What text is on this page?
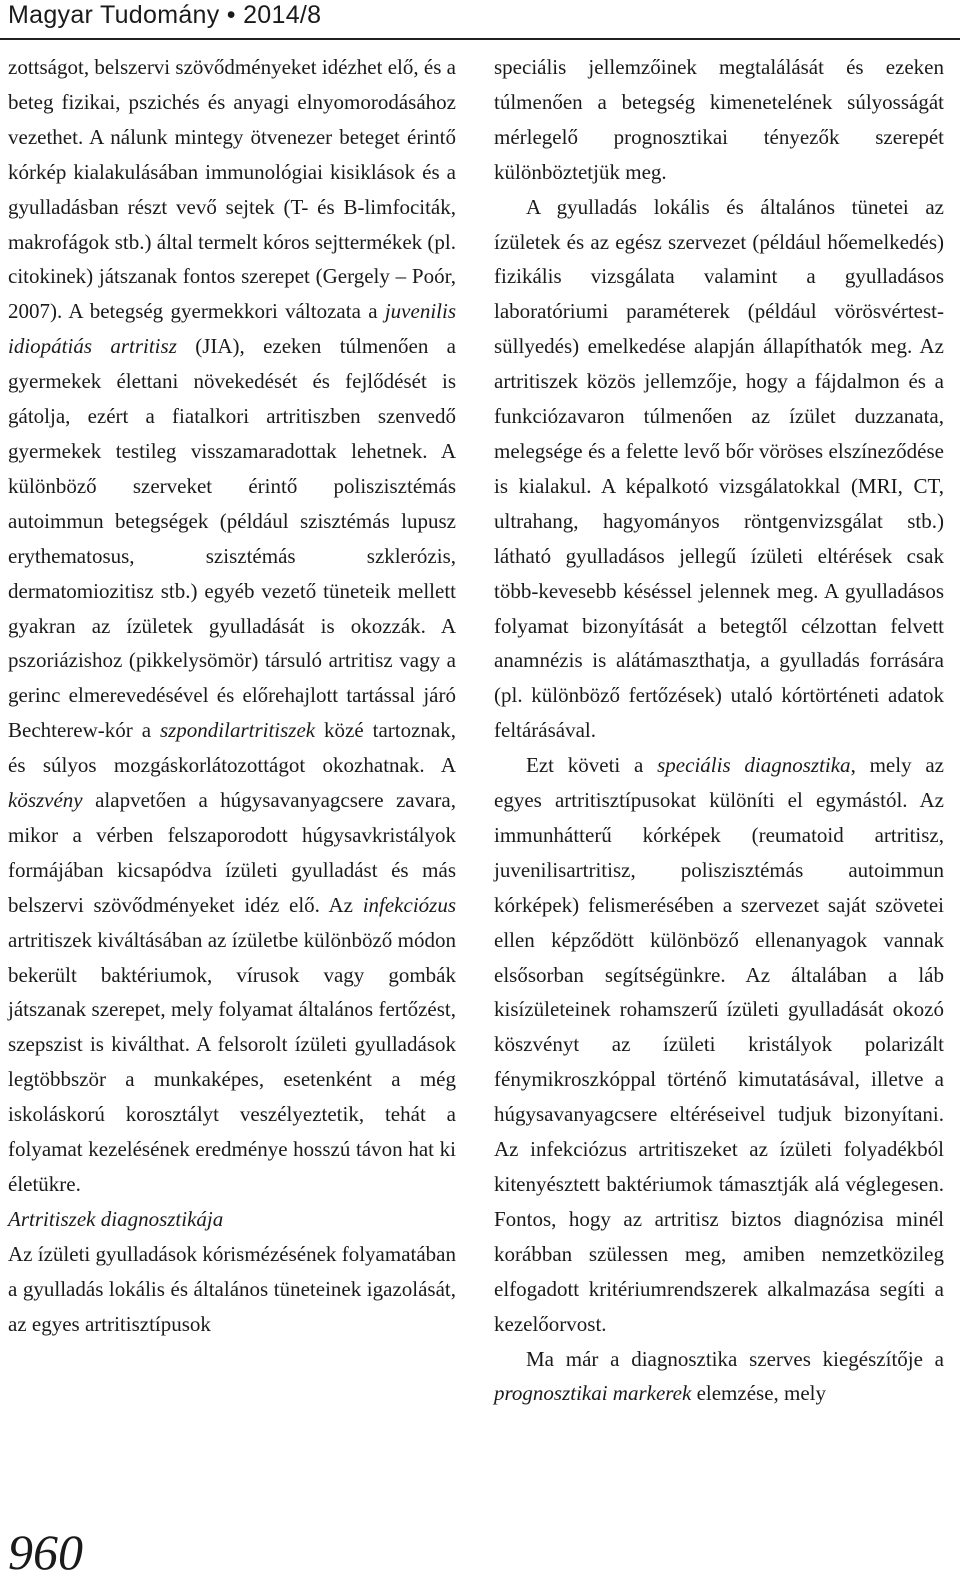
Magyar Tudomány • 2014/8

zottságot, belszervi szövődményeket idézhet elő, és a beteg fizikai, pszichés és anyagi elnyomorodásához vezethet. A nálunk mintegy ötvenezer beteget érintő kórkép kialakulásában immunológiai kisiklások és a gyulladásban részt vevő sejtek (T- és B-limfociták, makrofágok stb.) által termelt kóros sejttermékek (pl. citokinek) játszanak fontos szerepet (Gergely – Poór, 2007). A betegség gyermekkori változata a juvenilis idiopátiás artritisz (JIA), ezeken túlmenően a gyermekek élettani növekedését és fejlődését is gátolja, ezért a fiatalkori artritiszben szenvedő gyermekek testileg visszamaradottak lehetnek. A különböző szerveket érintő poliszisztémás autoimmun betegségek (például szisztémás lupusz erythematosus, szisztémás szklerózis, dermatomiozitisz stb.) egyéb vezető tüneteik mellett gyakran az ízületek gyulladását is okozzák. A pszoriázishoz (pikkelysömör) társuló artritisz vagy a gerinc elmerevedésével és előrehajlott tartással járó Bechterew-kór a szpondilartritiszek közé tartoznak, és súlyos mozgáskorlátozottágot okozhatnak. A köszvény alapvetően a húgysavanyagcsere zavara, mikor a vérben felszaporodott húgysavkristályok formájában kicsapódva ízületi gyulladást és más belszervi szövődményeket idéz elő. Az infekciózus artritiszek kiváltásában az ízületbe különböző módon bekerült baktériumok, vírusok vagy gombák játszanak szerepet, mely folyamat általános fertőzést, szepszist is kiválthat. A felsorolt ízületi gyulladások legtöbbször a munkaképes, esetenként a még iskoláskorú korosztályt veszélyeztetik, tehát a folyamat kezelésének eredménye hosszú távon hat ki életükre.

Artritiszek diagnosztikája

Az ízületi gyulladások kórismézésének folyamatában a gyulladás lokális és általános tüneteinek igazolását, az egyes artritisztípusok

speciális jellemzőinek megtalálását és ezeken túlmenően a betegség kimenetelének súlyosságát mérlegelő prognosztikai tényezők szerepét különböztetjük meg.

A gyulladás lokális és általános tünetei az ízületek és az egész szervezet (például hőemelkedés) fizikális vizsgálata valamint a gyulladásos laboratóriumi paraméterek (például vörösvértest-süllyedés) emelkedése alapján állapíthatók meg. Az artritiszek közös jellemzője, hogy a fájdalmon és a funkciózavaron túlmenően az ízület duzzanata, melegsége és a felette levő bőr vöröses elszíneződése is kialakul. A képalkotó vizsgálatokkal (MRI, CT, ultrahang, hagyományos röntgenvizsgálat stb.) látható gyulladásos jellegű ízületi eltérések csak több-kevesebb késéssel jelennek meg. A gyulladásos folyamat bizonyítását a betegtől célzottan felvett anamnézis is alátámaszthatja, a gyulladás forrására (pl. különböző fertőzések) utaló kórtörténeti adatok feltárásával.

Ezt követi a speciális diagnosztika, mely az egyes artritisztípusokat különíti el egymástól. Az immunhátterű kórképek (reumatoid artritisz, juvenilisartritisz, poliszisztémás autoimmun kórképek) felismerésében a szervezet saját szövetei ellen képződött különböző ellenanyagok vannak elsősorban segítségünkre. Az általában a láb kisízületeinek rohamszerű ízületi gyulladását okozó köszvényt az ízületi kristályok polarizált fénymikroszkóppal történő kimutatásával, illetve a húgysavanyagcsere eltéréseivel tudjuk bizonyítani. Az infekciózus artritiszeket az ízületi folyadékból kitenyésztett baktériumok támasztják alá véglegesen. Fontos, hogy az artritisz biztos diagnózisa minél korábban szülessen meg, amiben nemzetközileg elfogadott kritériumrendszerek alkalmazása segíti a kezelőorvost.

Ma már a diagnosztika szerves kiegészítője a prognosztikai markerek elemzése, mely

960
